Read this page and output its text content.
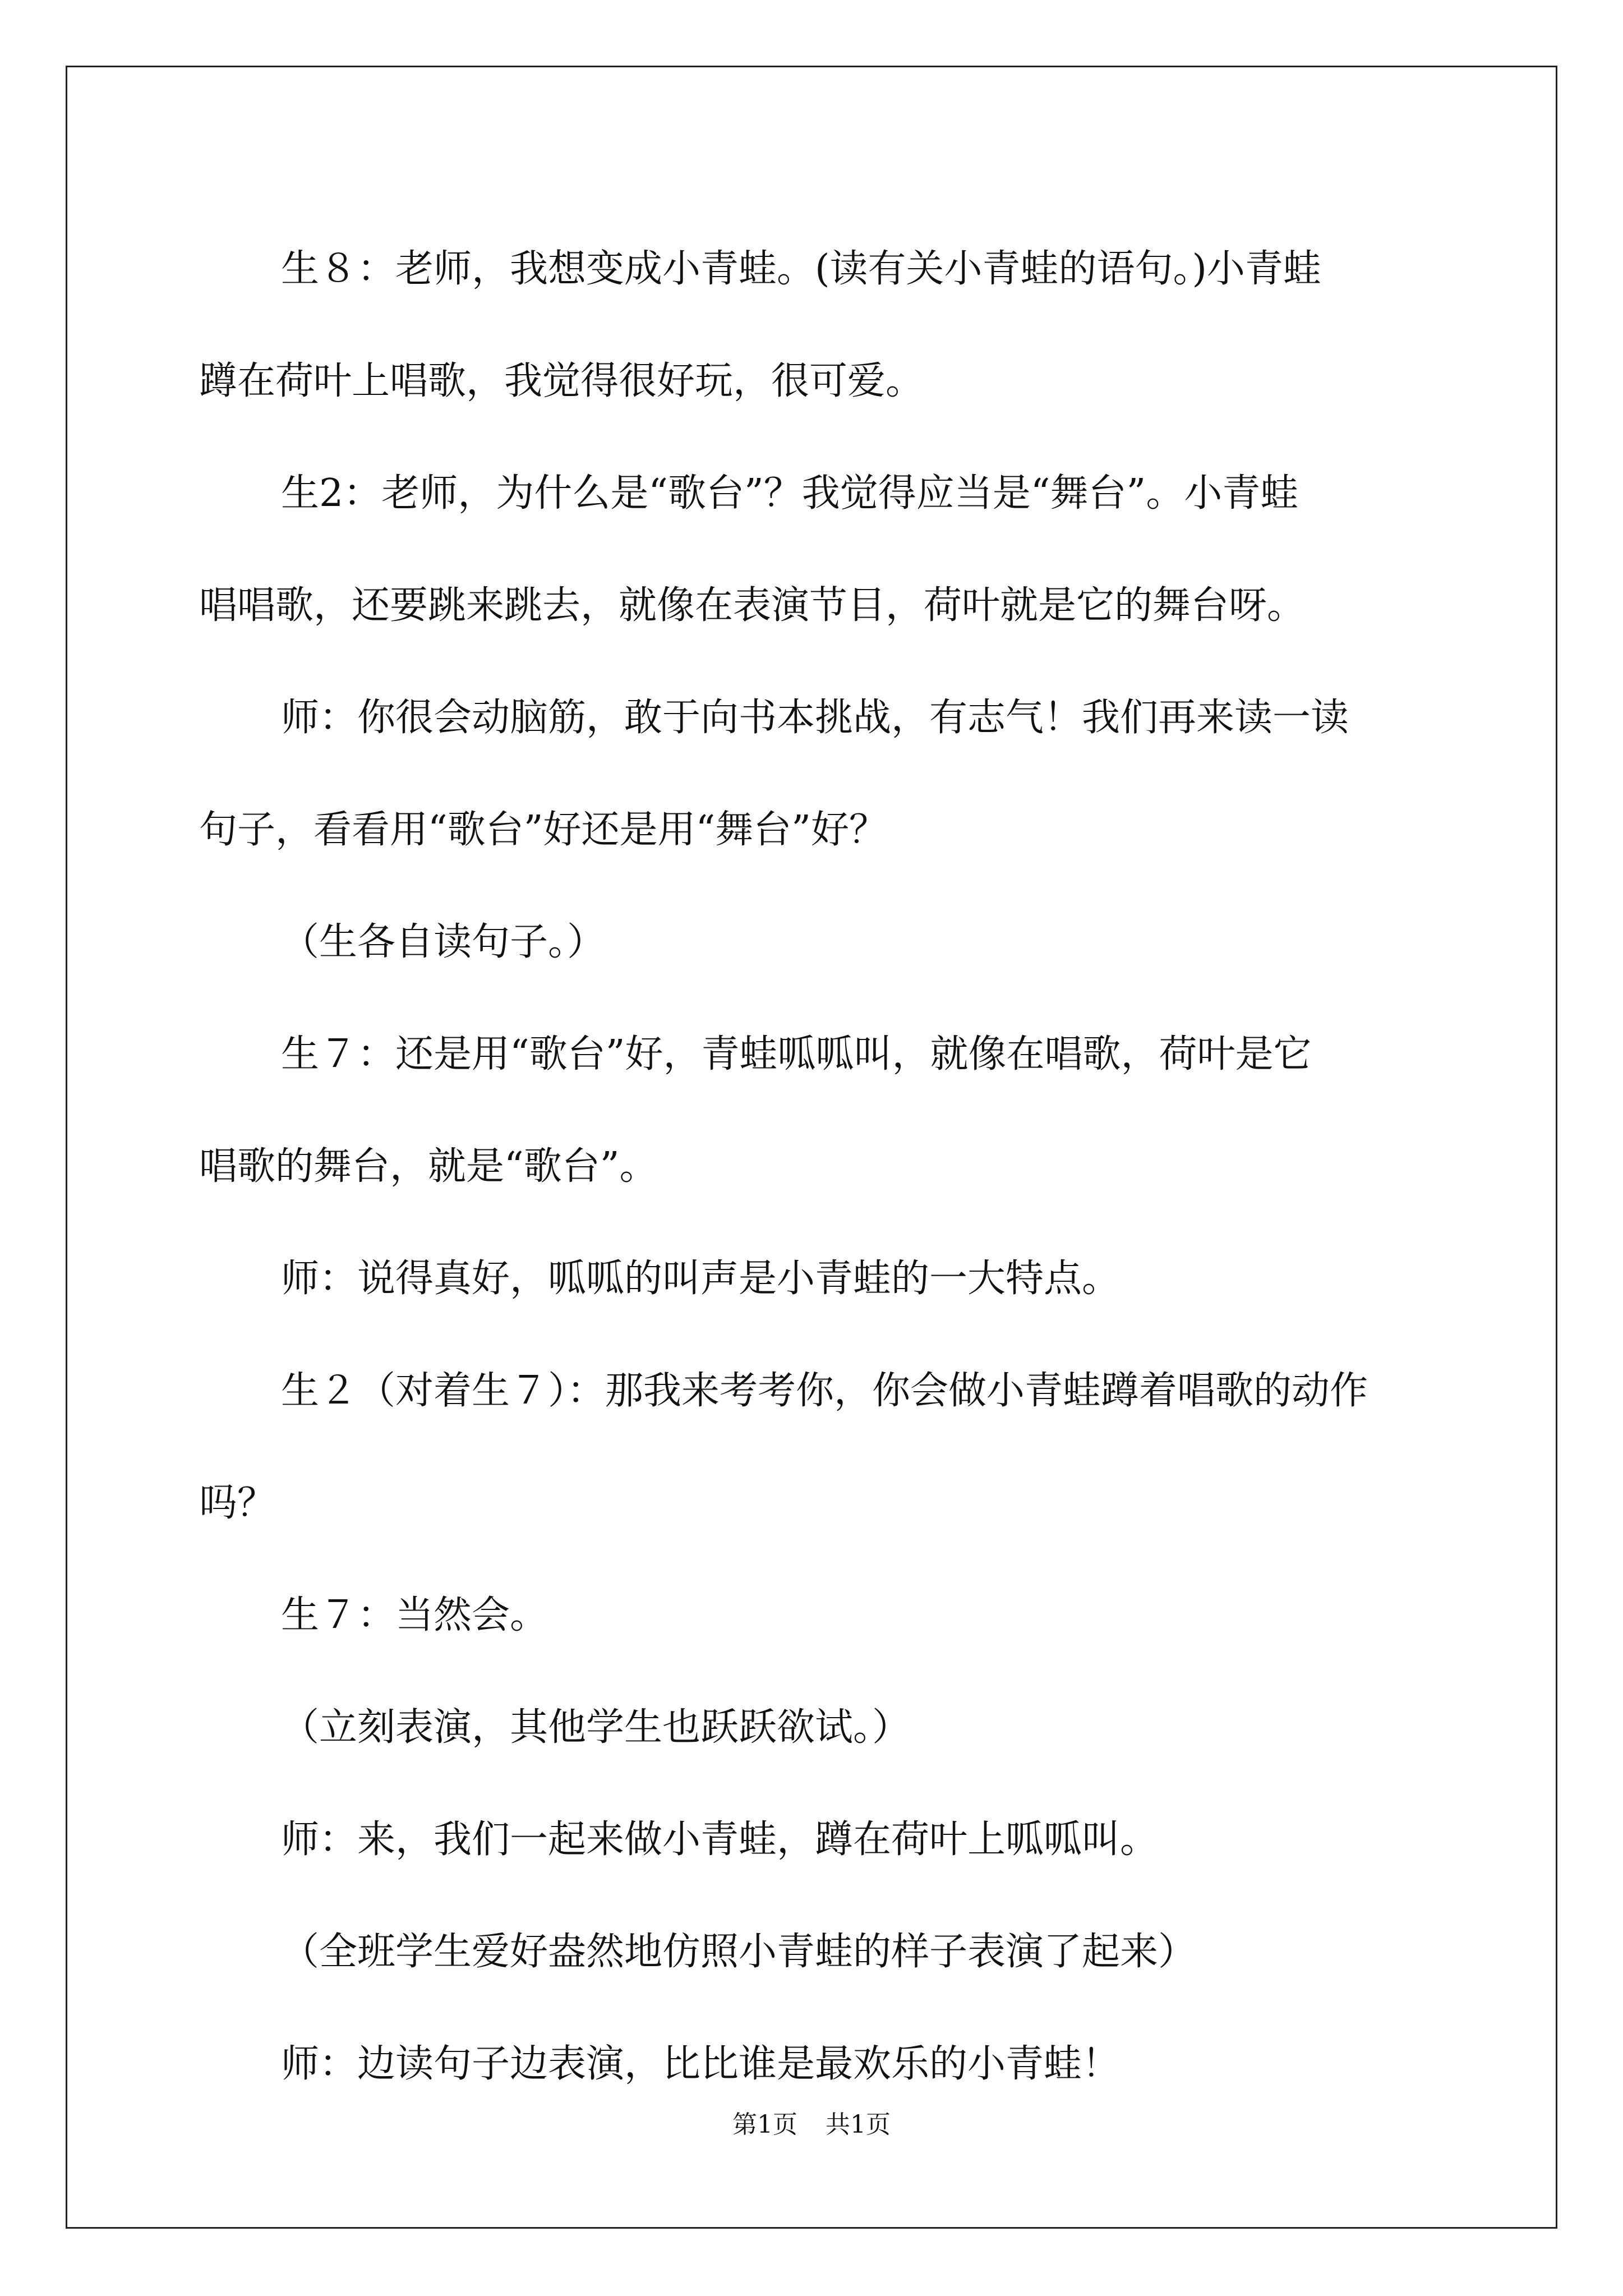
生８：老师，我想变成小青蛙。(读有关小青蛙的语句。)小青蛙

蹲在荷叶上唱歌，我觉得很好玩，很可爱。

生2：老师，为什么是“歌台”？我觉得应当是“舞台”。小青蛙

唱唱歌，还要跳来跳去，就像在表演节目，荷叶就是它的舞台呀。

师：你很会动脑筋，敢于向书本挑战，有志气！我们再来读一读

句子，看看用“歌台”好还是用“舞台”好？

（生各自读句子。）

生７：还是用“歌台”好，青蛙呱呱叫，就像在唱歌，荷叶是它

唱歌的舞台，就是“歌台”。

师：说得真好，呱呱的叫声是小青蛙的一大特点。

生２（对着生７）：那我来考考你，你会做小青蛙蹲着唱歌的动作

吗？

生７：当然会。

（立刻表演，其他学生也跃跃欲试。）

师：来，我们一起来做小青蛙，蹲在荷叶上呱呱叫。

（全班学生爱好盎然地仿照小青蛙的样子表演了起来）

师：边读句子边表演，比比谁是最欢乐的小青蛙！

第1页 共1页
